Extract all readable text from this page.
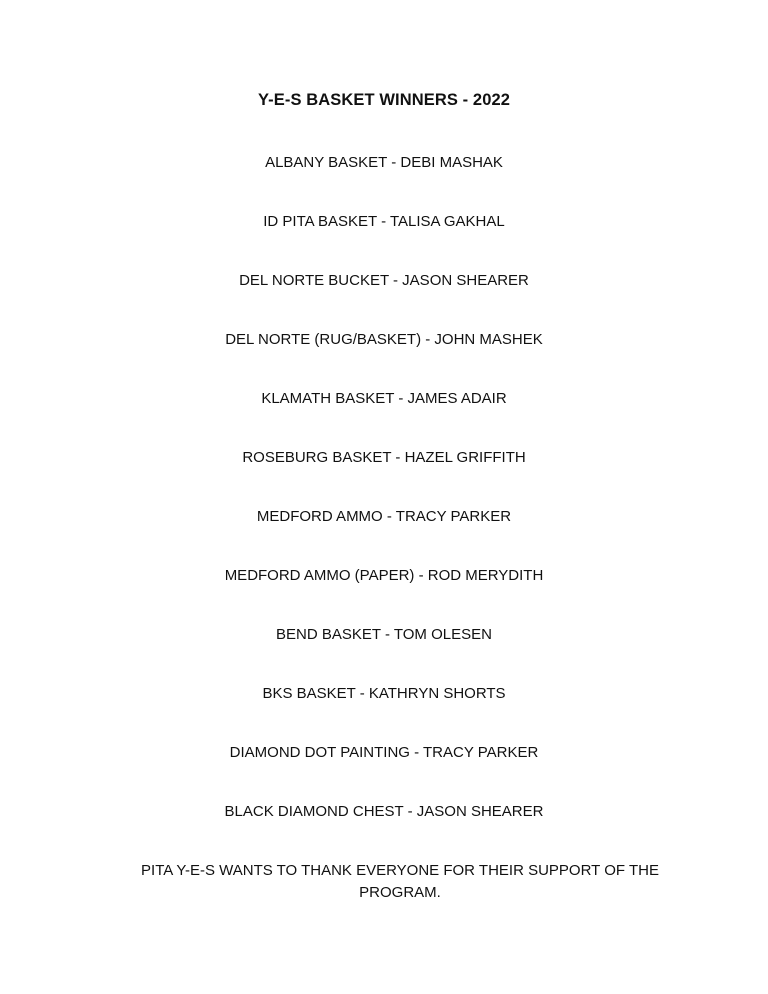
Y-E-S BASKET WINNERS - 2022
ALBANY BASKET - DEBI MASHAK
ID PITA BASKET - TALISA GAKHAL
DEL NORTE BUCKET - JASON SHEARER
DEL NORTE (RUG/BASKET) - JOHN MASHEK
KLAMATH BASKET - JAMES ADAIR
ROSEBURG BASKET - HAZEL GRIFFITH
MEDFORD AMMO - TRACY PARKER
MEDFORD AMMO (PAPER) - ROD MERYDITH
BEND BASKET - TOM OLESEN
BKS BASKET - KATHRYN SHORTS
DIAMOND DOT PAINTING - TRACY PARKER
BLACK DIAMOND CHEST - JASON SHEARER
PITA Y-E-S WANTS TO THANK EVERYONE FOR THEIR SUPPORT OF THE PROGRAM.
